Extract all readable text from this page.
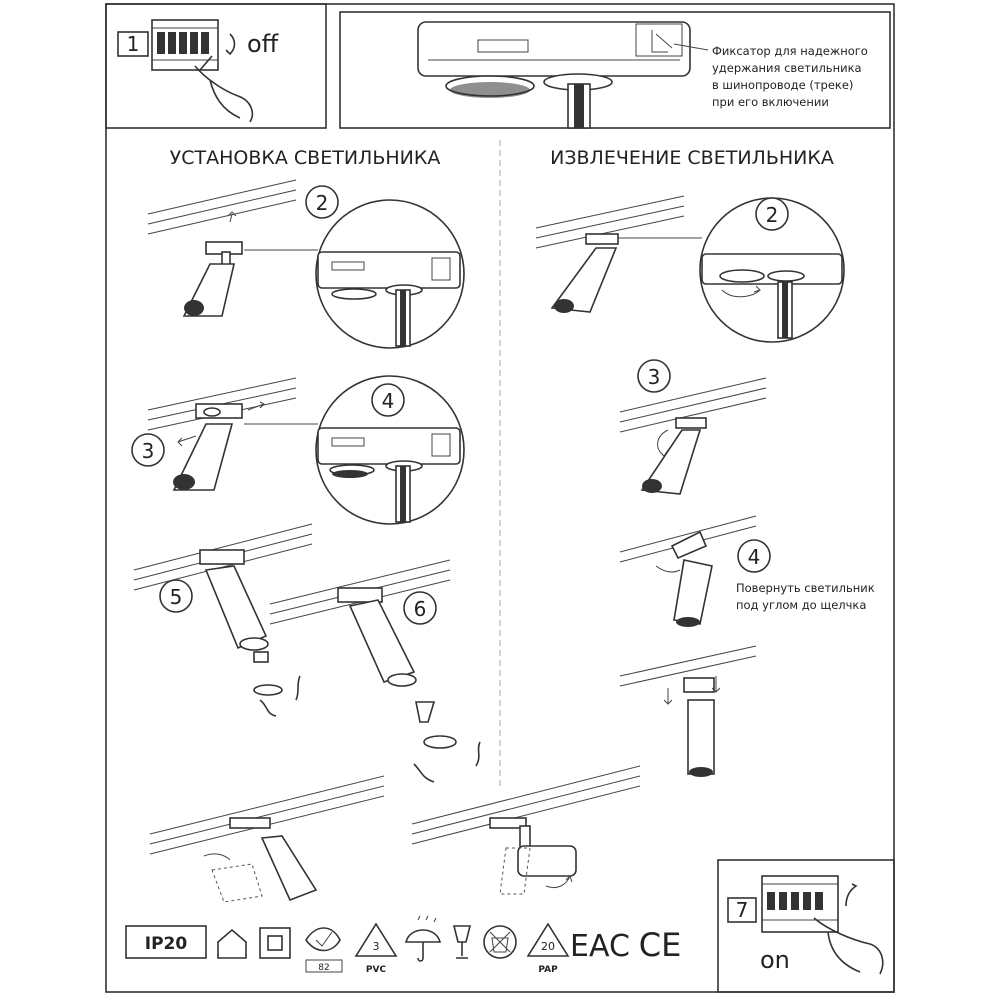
1	off	Фиксатор для надежного
удержания светильника
в шинопроводе (треке)
при его включении
УСТАНОВКА СВЕТИЛЬНИКА	ИЗВЛЕЧЕНИЕ СВЕТИЛЬНИКА
2
3
4
5	6
2
3
4
Повернуть светильник
под углом до щелчка
7
on
IP20
82
3
PVC
20
PAP
EAC CE
